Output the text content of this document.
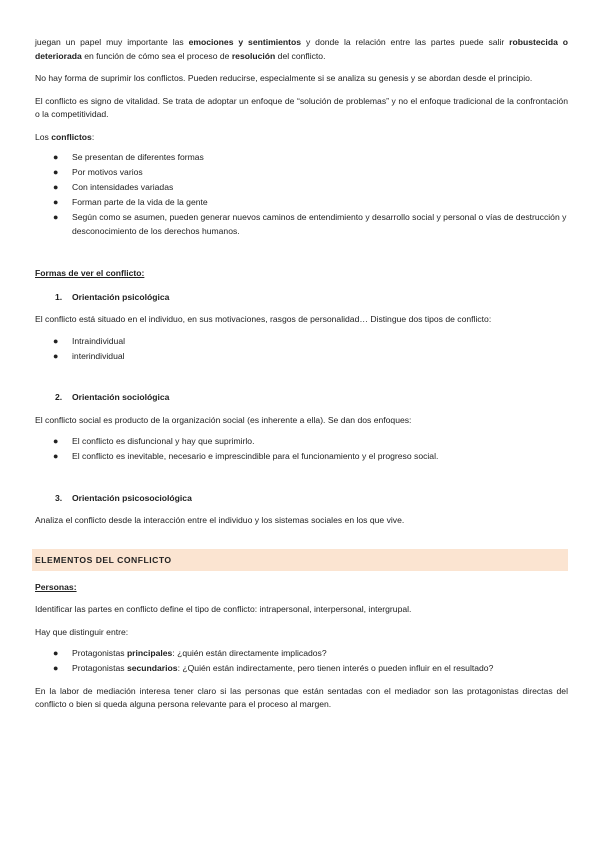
juegan un papel muy importante las emociones y sentimientos y donde la relación entre las partes puede salir robustecida o deteriorada en función de cómo sea el proceso de resolución del conflicto.

No hay forma de suprimir los conflictos. Pueden reducirse, especialmente si se analiza su genesis y se abordan desde el principio.

El conflicto es signo de vitalidad. Se trata de adoptar un enfoque de “solución de problemas” y no el enfoque tradicional de la confrontación o la competitividad.

Los conflictos:

● Se presentan de diferentes formas
● Por motivos varios
● Con intensidades variadas
● Forman parte de la vida de la gente
● Según como se asumen, pueden generar nuevos caminos de entendimiento y desarrollo social y personal o vías de destrucción y desconocimiento de los derechos humanos.

Formas de ver el conflicto:

1. Orientación psicológica

El conflicto está situado en el individuo, en sus motivaciones, rasgos de personalidad… Distingue dos tipos de conflicto:

● Intraindividual
● interindividual

2. Orientación sociológica

El conflicto social es producto de la organización social (es inherente a ella). Se dan dos enfoques:

● El conflicto es disfuncional y hay que suprimirlo.
● El conflicto es inevitable, necesario e imprescindible para el funcionamiento y el progreso social.

3. Orientación psicosociológica

Analiza el conflicto desde la interacción entre el individuo y los sistemas sociales en los que vive.

ELEMENTOS DEL CONFLICTO

Personas:

Identificar las partes en conflicto define el tipo de conflicto: intrapersonal, interpersonal, intergrupal.

Hay que distinguir entre:

● Protagonistas principales: ¿quién están directamente implicados?
● Protagonistas secundarios: ¿Quién están indirectamente, pero tienen interés o pueden influir en el resultado?

En la labor de mediación interesa tener claro si las personas que están sentadas con el mediador son las protagonistas directas del conflicto o bien si queda alguna persona relevante para el proceso al margen.
